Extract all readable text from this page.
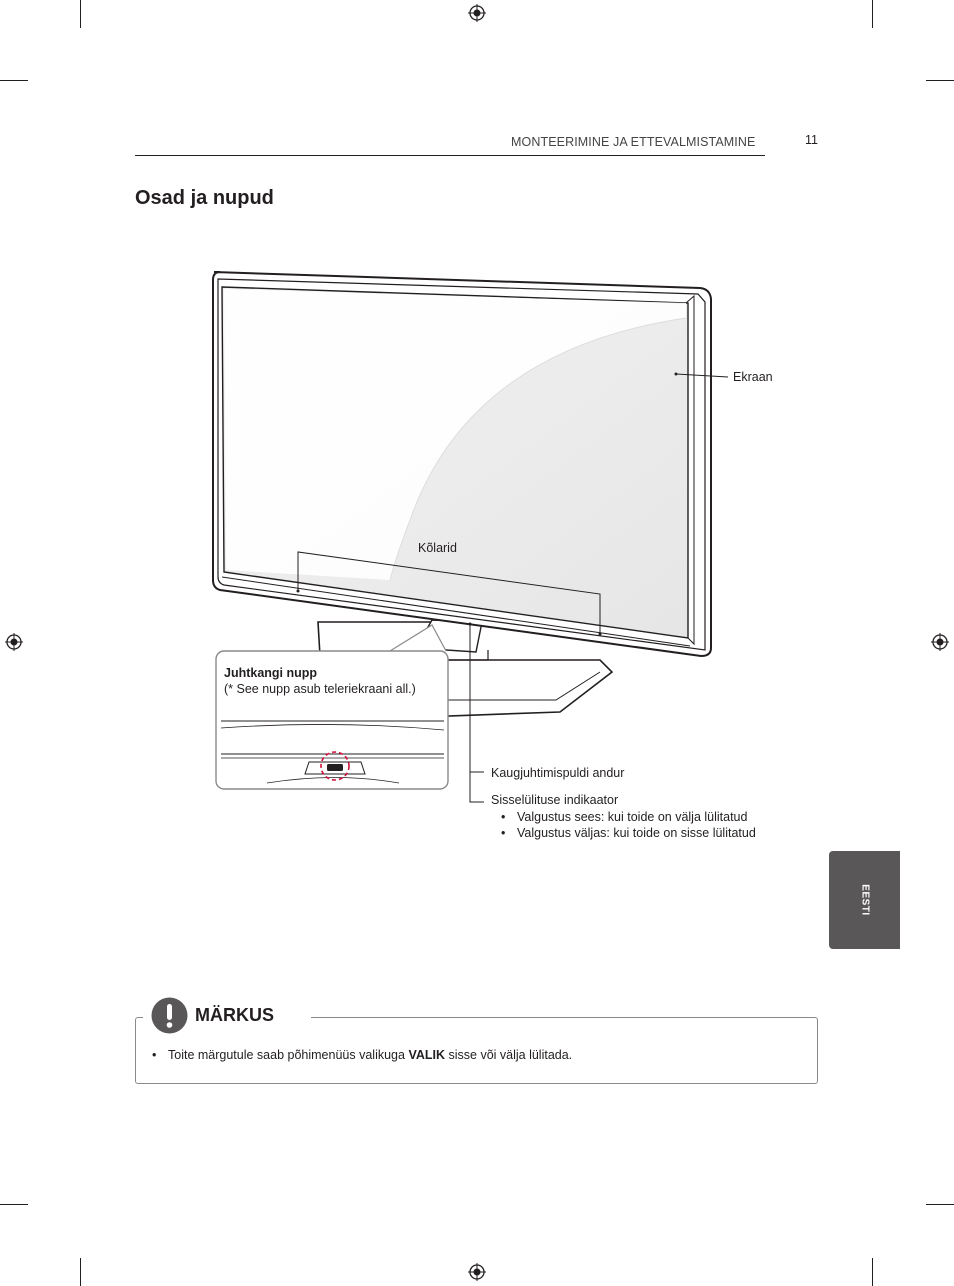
MONTEERIMINE JA ETTEVALMISTAMINE	11
Osad ja nupud
Juhtkangi nupp
(* See nupp asub teleriekraani all.)
Ekraan
Kõlarid
Kaugjuhtimispuldi andur
Sisselülituse indikaator
• Valgustus sees: kui toide on välja lülitatud
• Valgustus väljas: kui toide on sisse lülitatud
EESTI
MÄRKUS
• Toite märgutule saab põhimenüüs valikuga VALIK sisse või välja lülitada.
